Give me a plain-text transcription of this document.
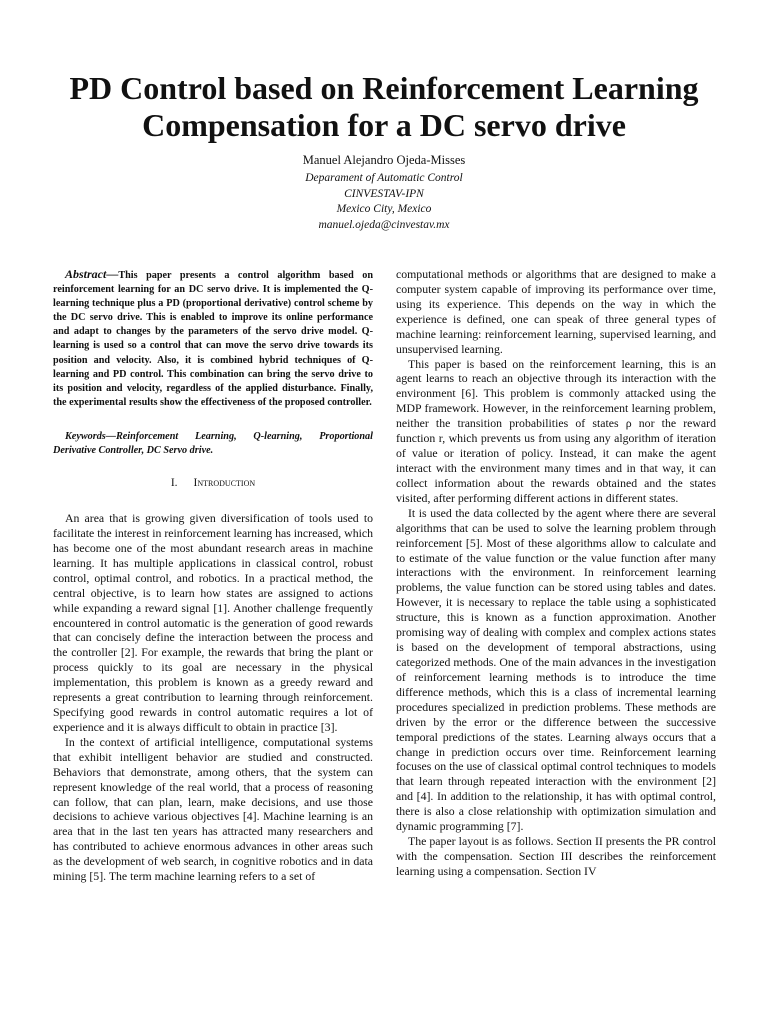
PD Control based on Reinforcement Learning Compensation for a DC servo drive
Manuel Alejandro Ojeda-Misses
Deparament of Automatic Control
CINVESTAV-IPN
Mexico City, Mexico
manuel.ojeda@cinvestav.mx

Abstract—This paper presents a control algorithm based on reinforcement learning for an DC servo drive. It is implemented the Q-learning technique plus a PD (proportional derivative) control scheme by the DC servo drive. This is enabled to improve its online performance and adapt to changes by the parameters of the servo drive model. Q-learning is used so a control that can move the servo drive towards its position and velocity. Also, it is combined hybrid techniques of Q-learning and PD control. This combination can bring the servo drive to its position and velocity, regardless of the applied disturbance. Finally, the experimental results show the effectiveness of the proposed controller.

Keywords—Reinforcement Learning, Q-learning, Proportional Derivative Controller, DC Servo drive.

I. Introduction

An area that is growing given diversification of tools used to facilitate the interest in reinforcement learning has increased, which has become one of the most abundant research areas in machine learning. It has multiple applications in classical control, robust control, optimal control, and robotics. In a practical method, the central objective, is to learn how states are assigned to actions while expanding a reward signal [1]. Another challenge frequently encountered in control automatic is the generation of good rewards that can concisely define the interaction between the process and the controller [2]. For example, the rewards that bring the plant or process quickly to its goal are necessary in the physical implementation, this problem is known as a greedy reward and represents a great contribution to learning through reinforcement. Specifying good rewards in control automatic requires a lot of experience and it is always difficult to obtain in practice [3].

In the context of artificial intelligence, computational systems that exhibit intelligent behavior are studied and constructed. Behaviors that demonstrate, among others, that the system can represent knowledge of the real world, that a process of reasoning can follow, that can plan, learn, make decisions, and use those decisions to achieve various objectives [4]. Machine learning is an area that in the last ten years has attracted many researchers and has contributed to achieve enormous advances in other areas such as the development of web search, in cognitive robotics and in data mining [5]. The term machine learning refers to a set of

computational methods or algorithms that are designed to make a computer system capable of improving its performance over time, using its experience. This depends on the way in which the experience is defined, one can speak of three general types of machine learning: reinforcement learning, supervised learning, and unsupervised learning.

This paper is based on the reinforcement learning, this is an agent learns to reach an objective through its interaction with the environment [6]. This problem is commonly attacked using the MDP framework. However, in the reinforcement learning problem, neither the transition probabilities of states ρ nor the reward function r, which prevents us from using any algorithm of iteration of value or iteration of policy. Instead, it can make the agent interact with the environment many times and in that way, it can collect information about the rewards obtained and the states visited, after performing different actions in different states.

It is used the data collected by the agent where there are several algorithms that can be used to solve the learning problem through reinforcement [5]. Most of these algorithms allow to calculate and to estimate of the value function or the value function after many interactions with the environment. In reinforcement learning problems, the value function can be stored using tables and dates. However, it is necessary to replace the table using a sophisticated structure, this is known as a function approximation. Another promising way of dealing with complex and complex actions states is based on the development of temporal abstractions, using categorized methods. One of the main advances in the investigation of reinforcement learning methods is to introduce the time difference methods, which this is a class of incremental learning procedures specialized in prediction problems. These methods are driven by the error or the difference between the successive temporal predictions of the states. Learning always occurs that a change in prediction occurs over time. Reinforcement learning focuses on the use of classical optimal control techniques to models that learn through repeated interaction with the environment [2] and [4]. In addition to the relationship, it has with optimal control, there is also a close relationship with optimization simulation and dynamic programming [7].

The paper layout is as follows. Section II presents the PR control with the compensation. Section III describes the reinforcement learning using a compensation. Section IV
